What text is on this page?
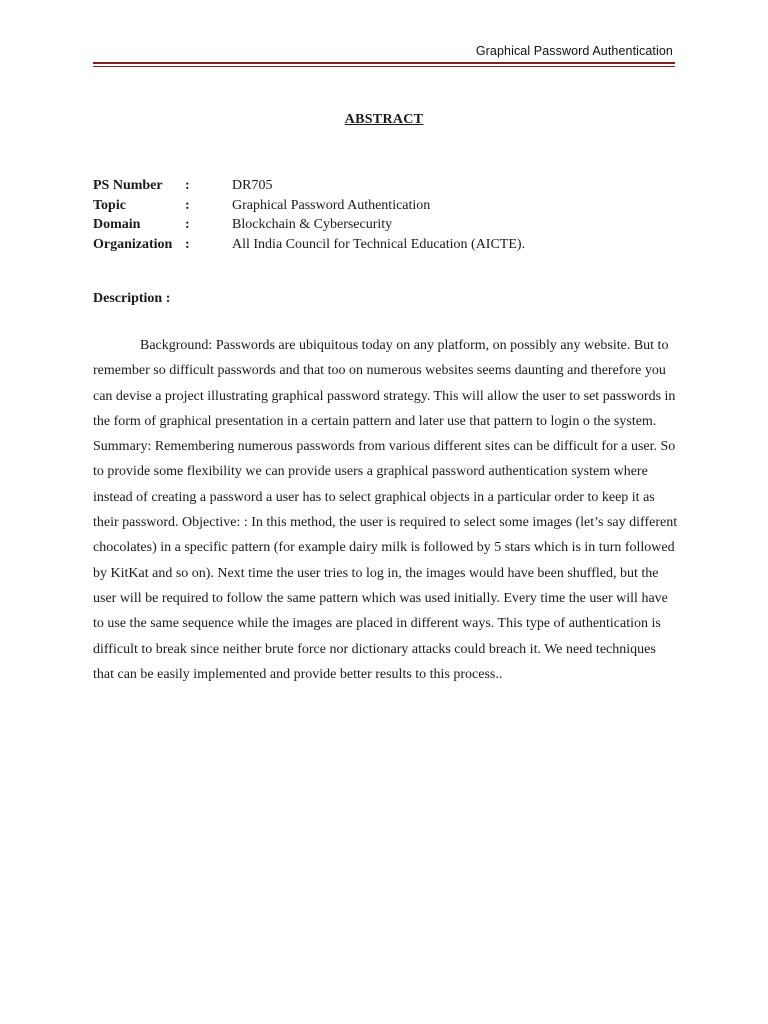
Graphical Password Authentication
ABSTRACT
PS Number	:	DR705
Topic	:	Graphical Password Authentication
Domain	:	Blockchain & Cybersecurity
Organization :	All India Council for Technical Education (AICTE).
Description :

Background: Passwords are ubiquitous today on any platform, on possibly any website. But to remember so difficult passwords and that too on numerous websites seems daunting and therefore you can devise a project illustrating graphical password strategy. This will allow the user to set passwords in the form of graphical presentation in a certain pattern and later use that pattern to login o the system. Summary: Remembering numerous passwords from various different sites can be difficult for a user. So to provide some flexibility we can provide users a graphical password authentication system where instead of creating a password a user has to select graphical objects in a particular order to keep it as their password. Objective: : In this method, the user is required to select some images (let’s say different chocolates) in a specific pattern (for example dairy milk is followed by 5 stars which is in turn followed by KitKat and so on). Next time the user tries to log in, the images would have been shuffled, but the user will be required to follow the same pattern which was used initially. Every time the user will have to use the same sequence while the images are placed in different ways. This type of authentication is difficult to break since neither brute force nor dictionary attacks could breach it. We need techniques that can be easily implemented and provide better results to this process..
